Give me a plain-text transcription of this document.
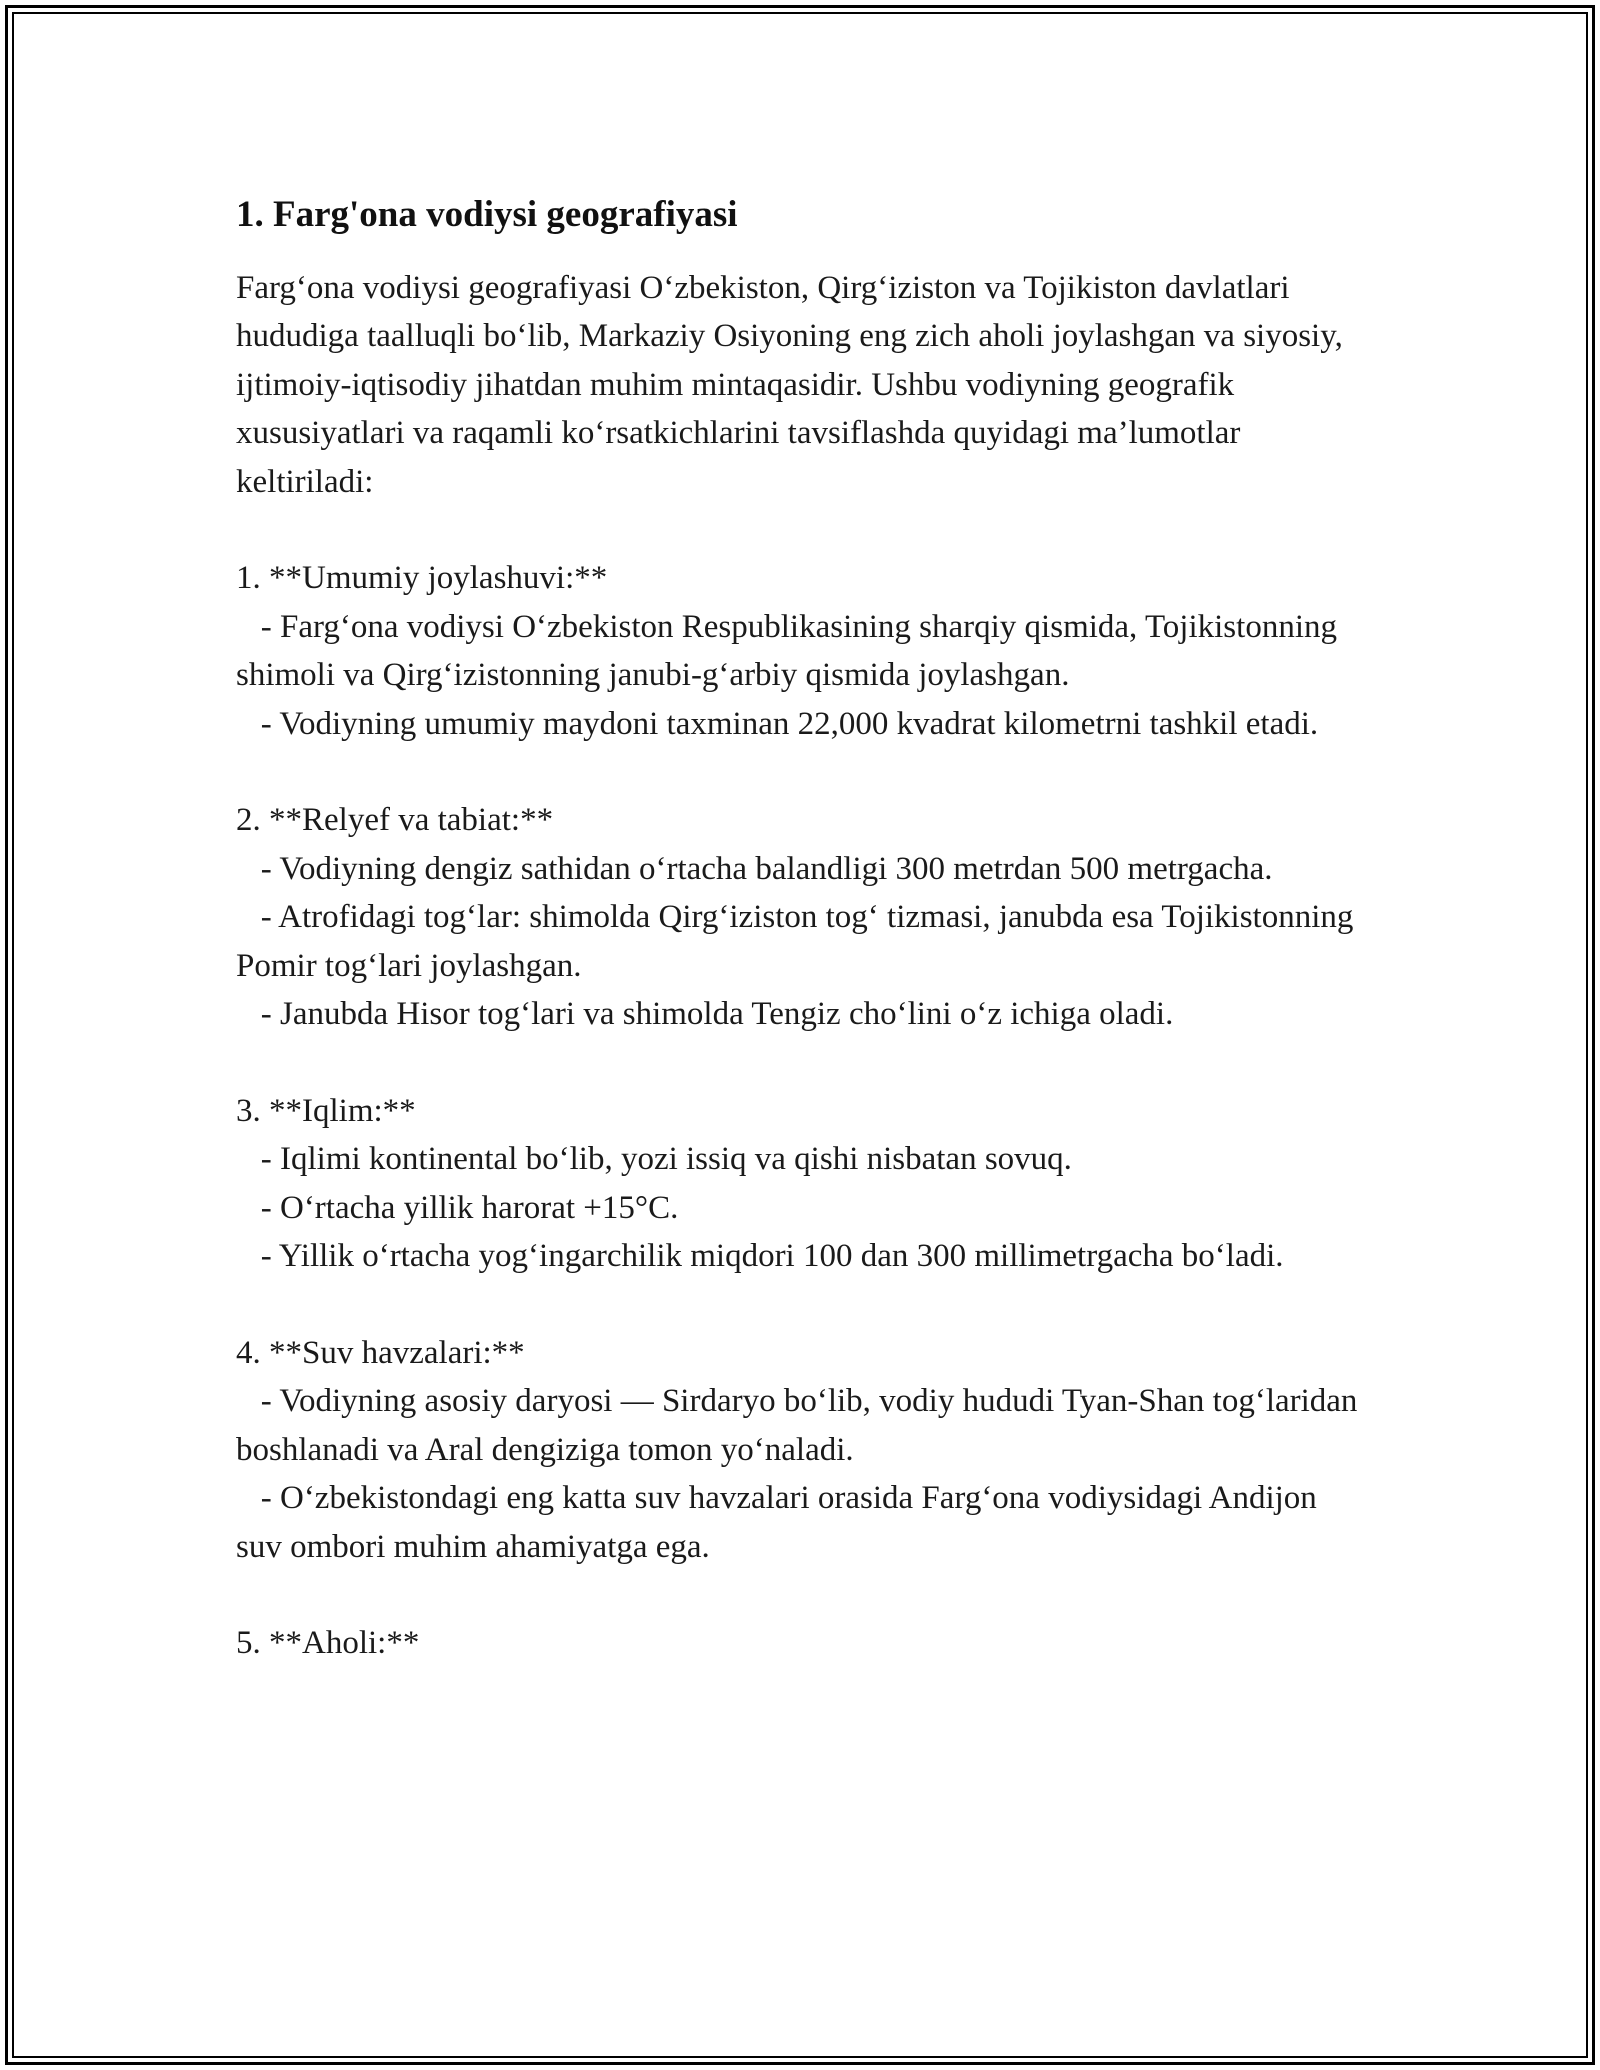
1. Farg'ona vodiysi geografiyasi

Farg‘ona vodiysi geografiyasi O‘zbekiston, Qirg‘iziston va Tojikiston davlatlari hududiga taalluqli bo‘lib, Markaziy Osiyoning eng zich aholi joylashgan va siyosiy, ijtimoiy-iqtisodiy jihatdan muhim mintaqasidir. Ushbu vodiyning geografik xususiyatlari va raqamli ko‘rsatkichlarini tavsiflashda quyidagi ma’lumotlar keltiriladi:

1. **Umumiy joylashuvi:**

- Farg‘ona vodiysi O‘zbekiston Respublikasining sharqiy qismida, Tojikistonning shimoli va Qirg‘izistonning janubi-g‘arbiy qismida joylashgan.

- Vodiyning umumiy maydoni taxminan 22,000 kvadrat kilometrni tashkil etadi.

2. **Relyef va tabiat:**

- Vodiyning dengiz sathidan o‘rtacha balandligi 300 metrdan 500 metrgacha.

- Atrofidagi tog‘lar: shimolda Qirg‘iziston tog‘ tizmasi, janubda esa Tojikistonning Pomir tog‘lari joylashgan.

- Janubda Hisor tog‘lari va shimolda Tengiz cho‘lini o‘z ichiga oladi.

3. **Iqlim:**

- Iqlimi kontinental bo‘lib, yozi issiq va qishi nisbatan sovuq.

- O‘rtacha yillik harorat +15°C.

- Yillik o‘rtacha yog‘ingarchilik miqdori 100 dan 300 millimetrgacha bo‘ladi.

4. **Suv havzalari:**

- Vodiyning asosiy daryosi — Sirdaryo bo‘lib, vodiy hududi Tyan-Shan tog‘laridan boshlanadi va Aral dengiziga tomon yo‘naladi.

- O‘zbekistondagi eng katta suv havzalari orasida Farg‘ona vodiysidagi Andijon suv ombori muhim ahamiyatga ega.

5. **Aholi:**
